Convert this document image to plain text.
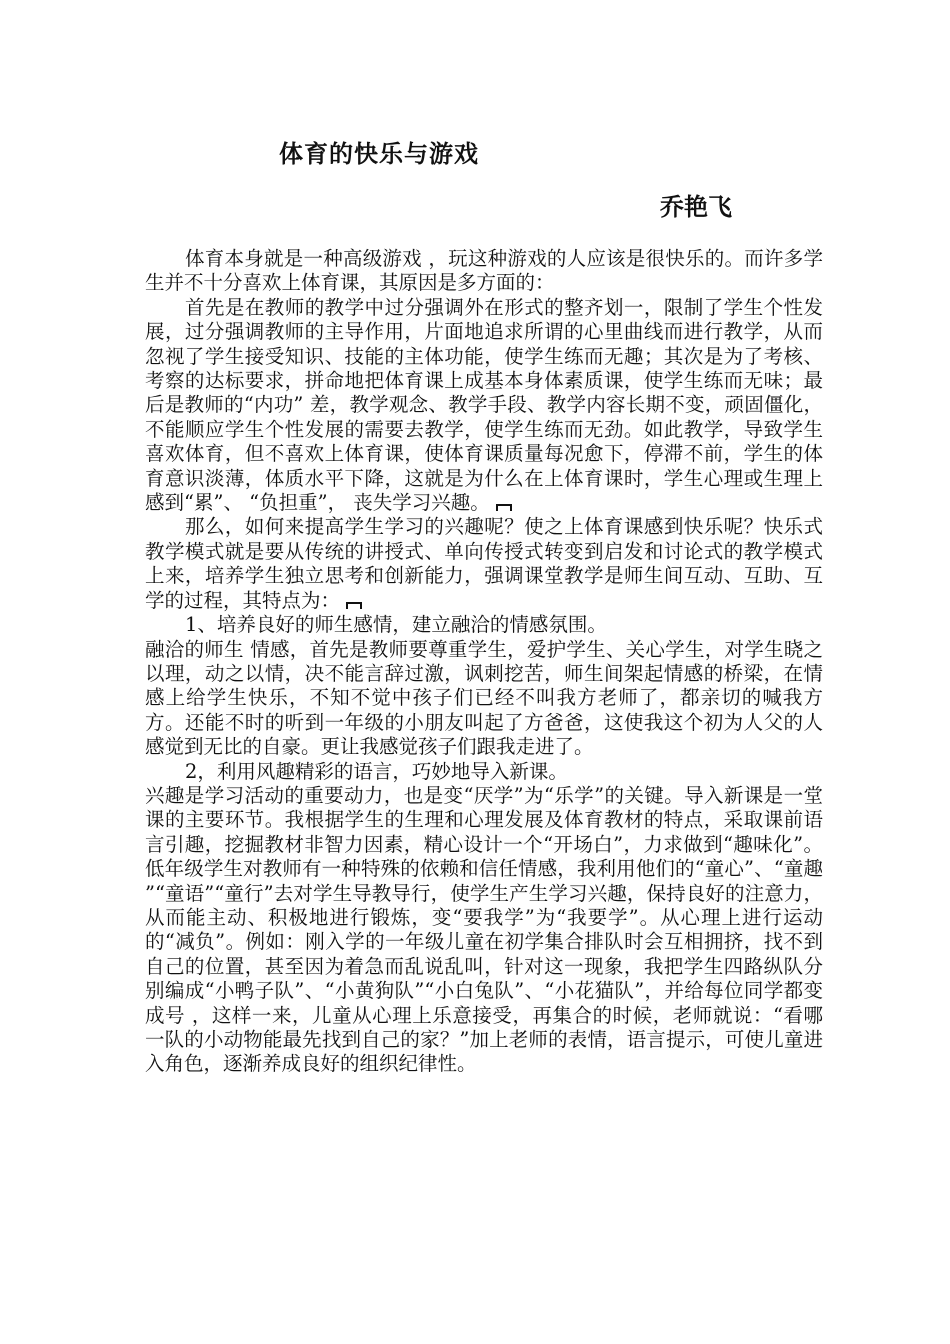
体育的快乐与游戏
乔艳飞

体育本身就是一种高级游戏 ，玩这种游戏的人应该是很快乐的。而许多学生并不十分喜欢上体育课，其原因是多方面的：

首先是在教师的教学中过分强调外在形式的整齐划一，限制了学生个性发展，过分强调教师的主导作用，片面地追求所谓的心里曲线而进行教学，从而忽视了学生接受知识、技能的主体功能，使学生练而无趣；其次是为了考核、考察的达标要求，拼命地把体育课上成基本身体素质课，使学生练而无味；最后是教师的“内功” 差，教学观念、教学手段、教学内容长期不变，顽固僵化，不能顺应学生个性发展的需要去教学，使学生练而无劲。如此教学，导致学生喜欢体育，但不喜欢上体育课，使体育课质量每况愈下，停滞不前，学生的体育意识淡薄，体质水平下降，这就是为什么在上体育课时，学生心理或生理上感到“累”、 “负担重”， 丧失学习兴趣。

那么，如何来提高学生学习的兴趣呢？使之上体育课感到快乐呢？快乐式教学模式就是要从传统的讲授式、单向传授式转变到启发和讨论式的教学模式上来，培养学生独立思考和创新能力，强调课堂教学是师生间互动、互助、互学的过程，其特点为：

1、培养良好的师生感情，建立融洽的情感氛围。

融洽的师生 情感，首先是教师要尊重学生，爱护学生、关心学生，对学生晓之以理，动之以情，决不能言辞过激，讽刺挖苦，师生间架起情感的桥梁，在情感上给学生快乐，不知不觉中孩子们已经不叫我方老师了，都亲切的喊我方方。还能不时的听到一年级的小朋友叫起了方爸爸，这使我这个初为人父的人感觉到无比的自豪。更让我感觉孩子们跟我走进了。

2，利用风趣精彩的语言，巧妙地导入新课。

兴趣是学习活动的重要动力，也是变“厌学”为“乐学”的关键。导入新课是一堂课的主要环节。我根据学生的生理和心理发展及体育教材的特点，采取课前语言引趣，挖掘教材非智力因素，精心设计一个“开场白”，力求做到“趣味化”。低年级学生对教师有一种特殊的依赖和信任情感，我利用他们的“童心”、“童趣 ”“童语”“童行”去对学生导教导行，使学生产生学习兴趣，保持良好的注意力，从而能主动、积极地进行锻炼，变“要我学”为“我要学”。从心理上进行运动的“减负”。例如：刚入学的一年级儿童在初学集合排队时会互相拥挤，找不到自己的位置，甚至因为着急而乱说乱叫，针对这一现象，我把学生四路纵队分别编成“小鸭子队”、“小黄狗队”“小白兔队”、“小花猫队”，并给每位同学都变成号 ，这样一来，儿童从心理上乐意接受，再集合的时候，老师就说：“看哪一队的小动物能最先找到自己的家？”加上老师的表情，语言提示，可使儿童进入角色，逐渐养成良好的组织纪律性。
